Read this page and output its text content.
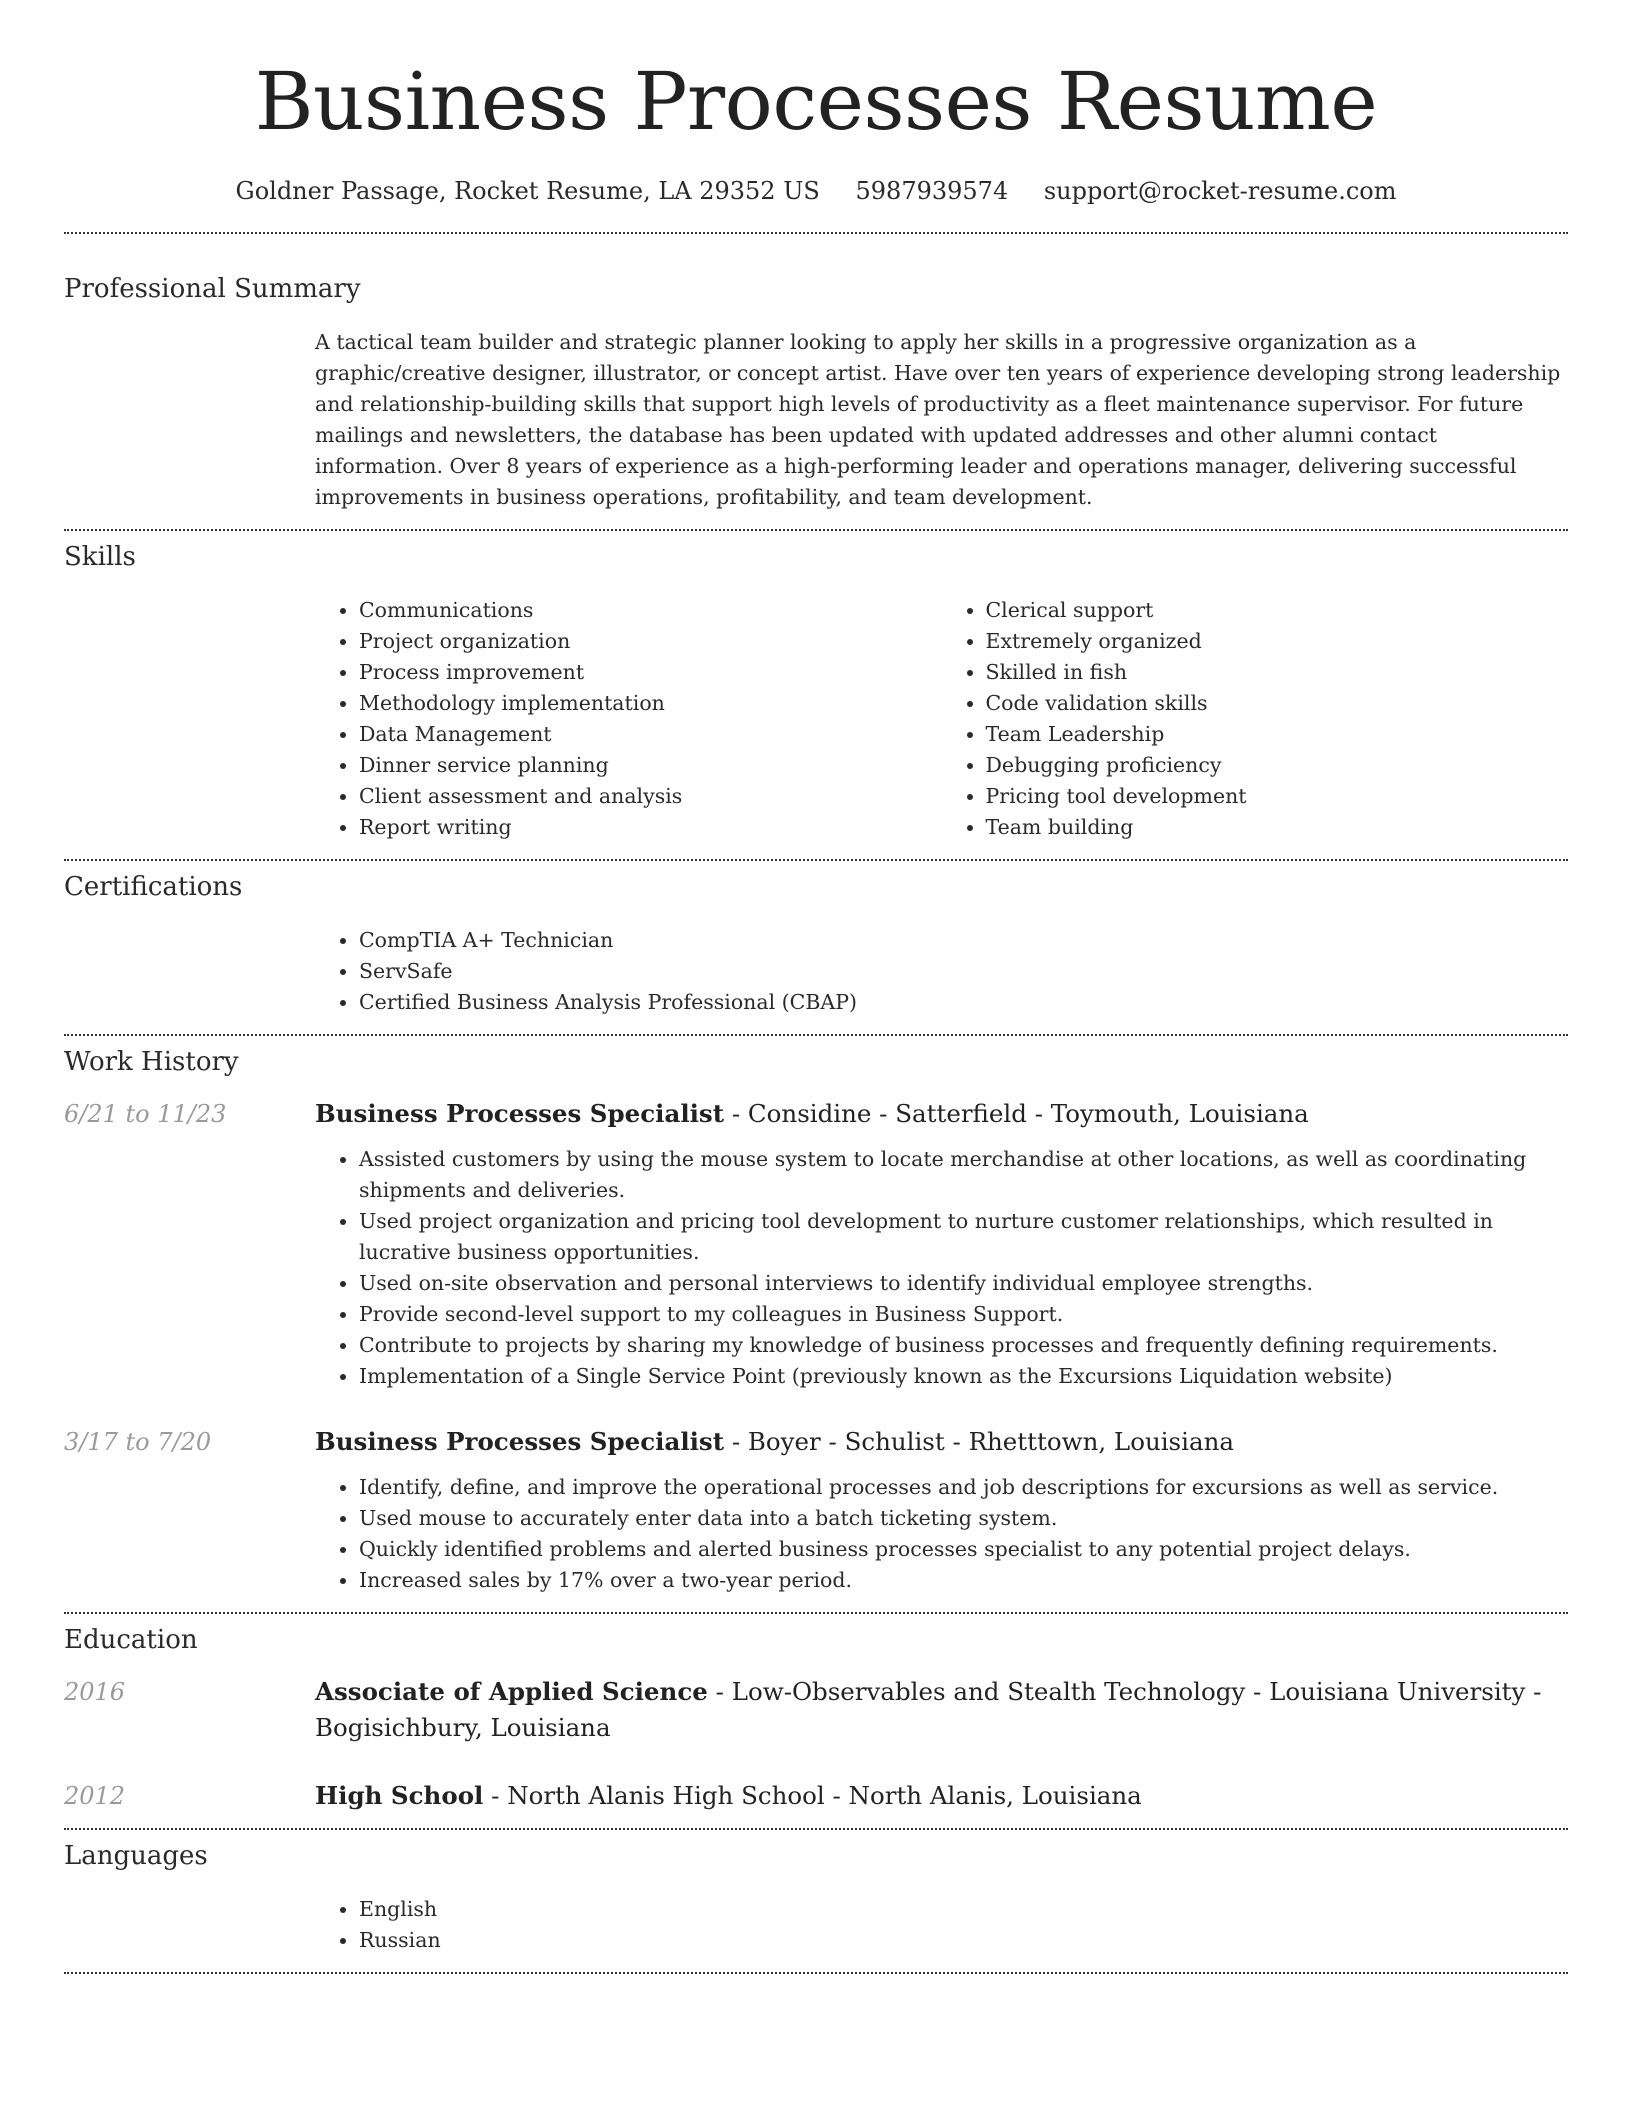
Business Processes Resume
Goldner Passage, Rocket Resume, LA 29352 US 5987939574 support@rocket-resume.com
Professional Summary

A tactical team builder and strategic planner looking to apply her skills in a progressive organization as a graphic/creative designer, illustrator, or concept artist. Have over ten years of experience developing strong leadership and relationship-building skills that support high levels of productivity as a fleet maintenance supervisor. For future mailings and newsletters, the database has been updated with updated addresses and other alumni contact information. Over 8 years of experience as a high-performing leader and operations manager, delivering successful improvements in business operations, profitability, and team development.

Skills
• Communications
• Project organization
• Process improvement
• Methodology implementation
• Data Management
• Dinner service planning
• Client assessment and analysis
• Report writing
• Clerical support
• Extremely organized
• Skilled in fish
• Code validation skills
• Team Leadership
• Debugging proficiency
• Pricing tool development
• Team building
Certifications
• CompTIA A+ Technician
• ServSafe
• Certified Business Analysis Professional (CBAP)
Work History
6/21 to 11/23	Business Processes Specialist - Considine - Satterfield - Toymouth, Louisiana
• Assisted customers by using the mouse system to locate merchandise at other locations, as well as coordinating shipments and deliveries.
• Used project organization and pricing tool development to nurture customer relationships, which resulted in lucrative business opportunities.
• Used on-site observation and personal interviews to identify individual employee strengths.
• Provide second-level support to my colleagues in Business Support.
• Contribute to projects by sharing my knowledge of business processes and frequently defining requirements.
• Implementation of a Single Service Point (previously known as the Excursions Liquidation website)
3/17 to 7/20	Business Processes Specialist - Boyer - Schulist - Rhetttown, Louisiana
• Identify, define, and improve the operational processes and job descriptions for excursions as well as service.
• Used mouse to accurately enter data into a batch ticketing system.
• Quickly identified problems and alerted business processes specialist to any potential project delays.
• Increased sales by 17% over a two-year period.
Education
2016	Associate of Applied Science - Low-Observables and Stealth Technology - Louisiana University - Bogisichbury, Louisiana
2012	High School - North Alanis High School - North Alanis, Louisiana
Languages
• English
• Russian
